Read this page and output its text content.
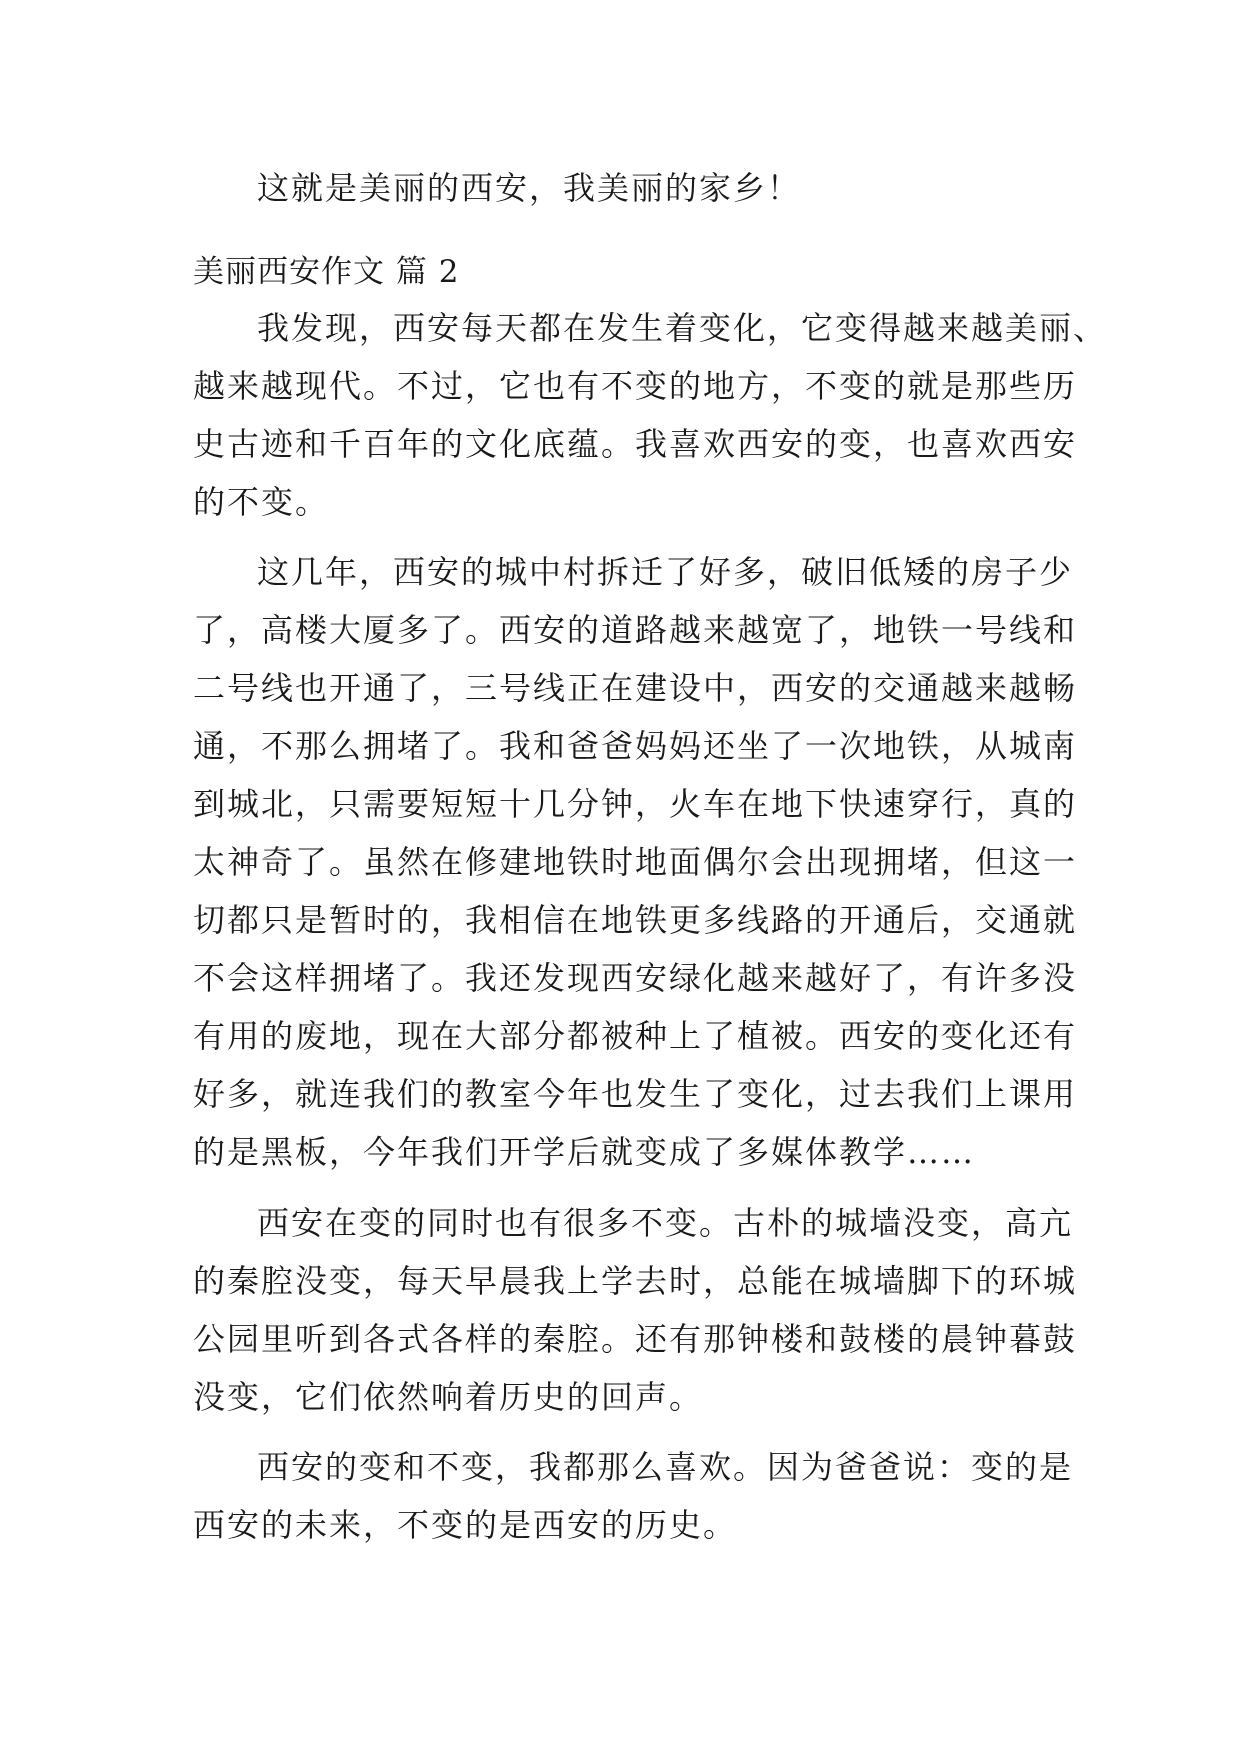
这就是美丽的西安，我美丽的家乡！
美丽西安作文 篇 2
我发现，西安每天都在发生着变化，它变得越来越美丽、
越来越现代。不过，它也有不变的地方，不变的就是那些历
史古迹和千百年的文化底蕴。我喜欢西安的变，也喜欢西安
的不变。
这几年，西安的城中村拆迁了好多，破旧低矮的房子少
了，高楼大厦多了。西安的道路越来越宽了，地铁一号线和
二号线也开通了，三号线正在建设中，西安的交通越来越畅
通，不那么拥堵了。我和爸爸妈妈还坐了一次地铁，从城南
到城北，只需要短短十几分钟，火车在地下快速穿行，真的
太神奇了。虽然在修建地铁时地面偶尔会出现拥堵，但这一
切都只是暂时的，我相信在地铁更多线路的开通后，交通就
不会这样拥堵了。我还发现西安绿化越来越好了，有许多没
有用的废地，现在大部分都被种上了植被。西安的变化还有
好多，就连我们的教室今年也发生了变化，过去我们上课用
的是黑板，今年我们开学后就变成了多媒体教学……
西安在变的同时也有很多不变。古朴的城墙没变，高亢
的秦腔没变，每天早晨我上学去时，总能在城墙脚下的环城
公园里听到各式各样的秦腔。还有那钟楼和鼓楼的晨钟暮鼓
没变，它们依然响着历史的回声。
西安的变和不变，我都那么喜欢。因为爸爸说：变的是
西安的未来，不变的是西安的历史。
